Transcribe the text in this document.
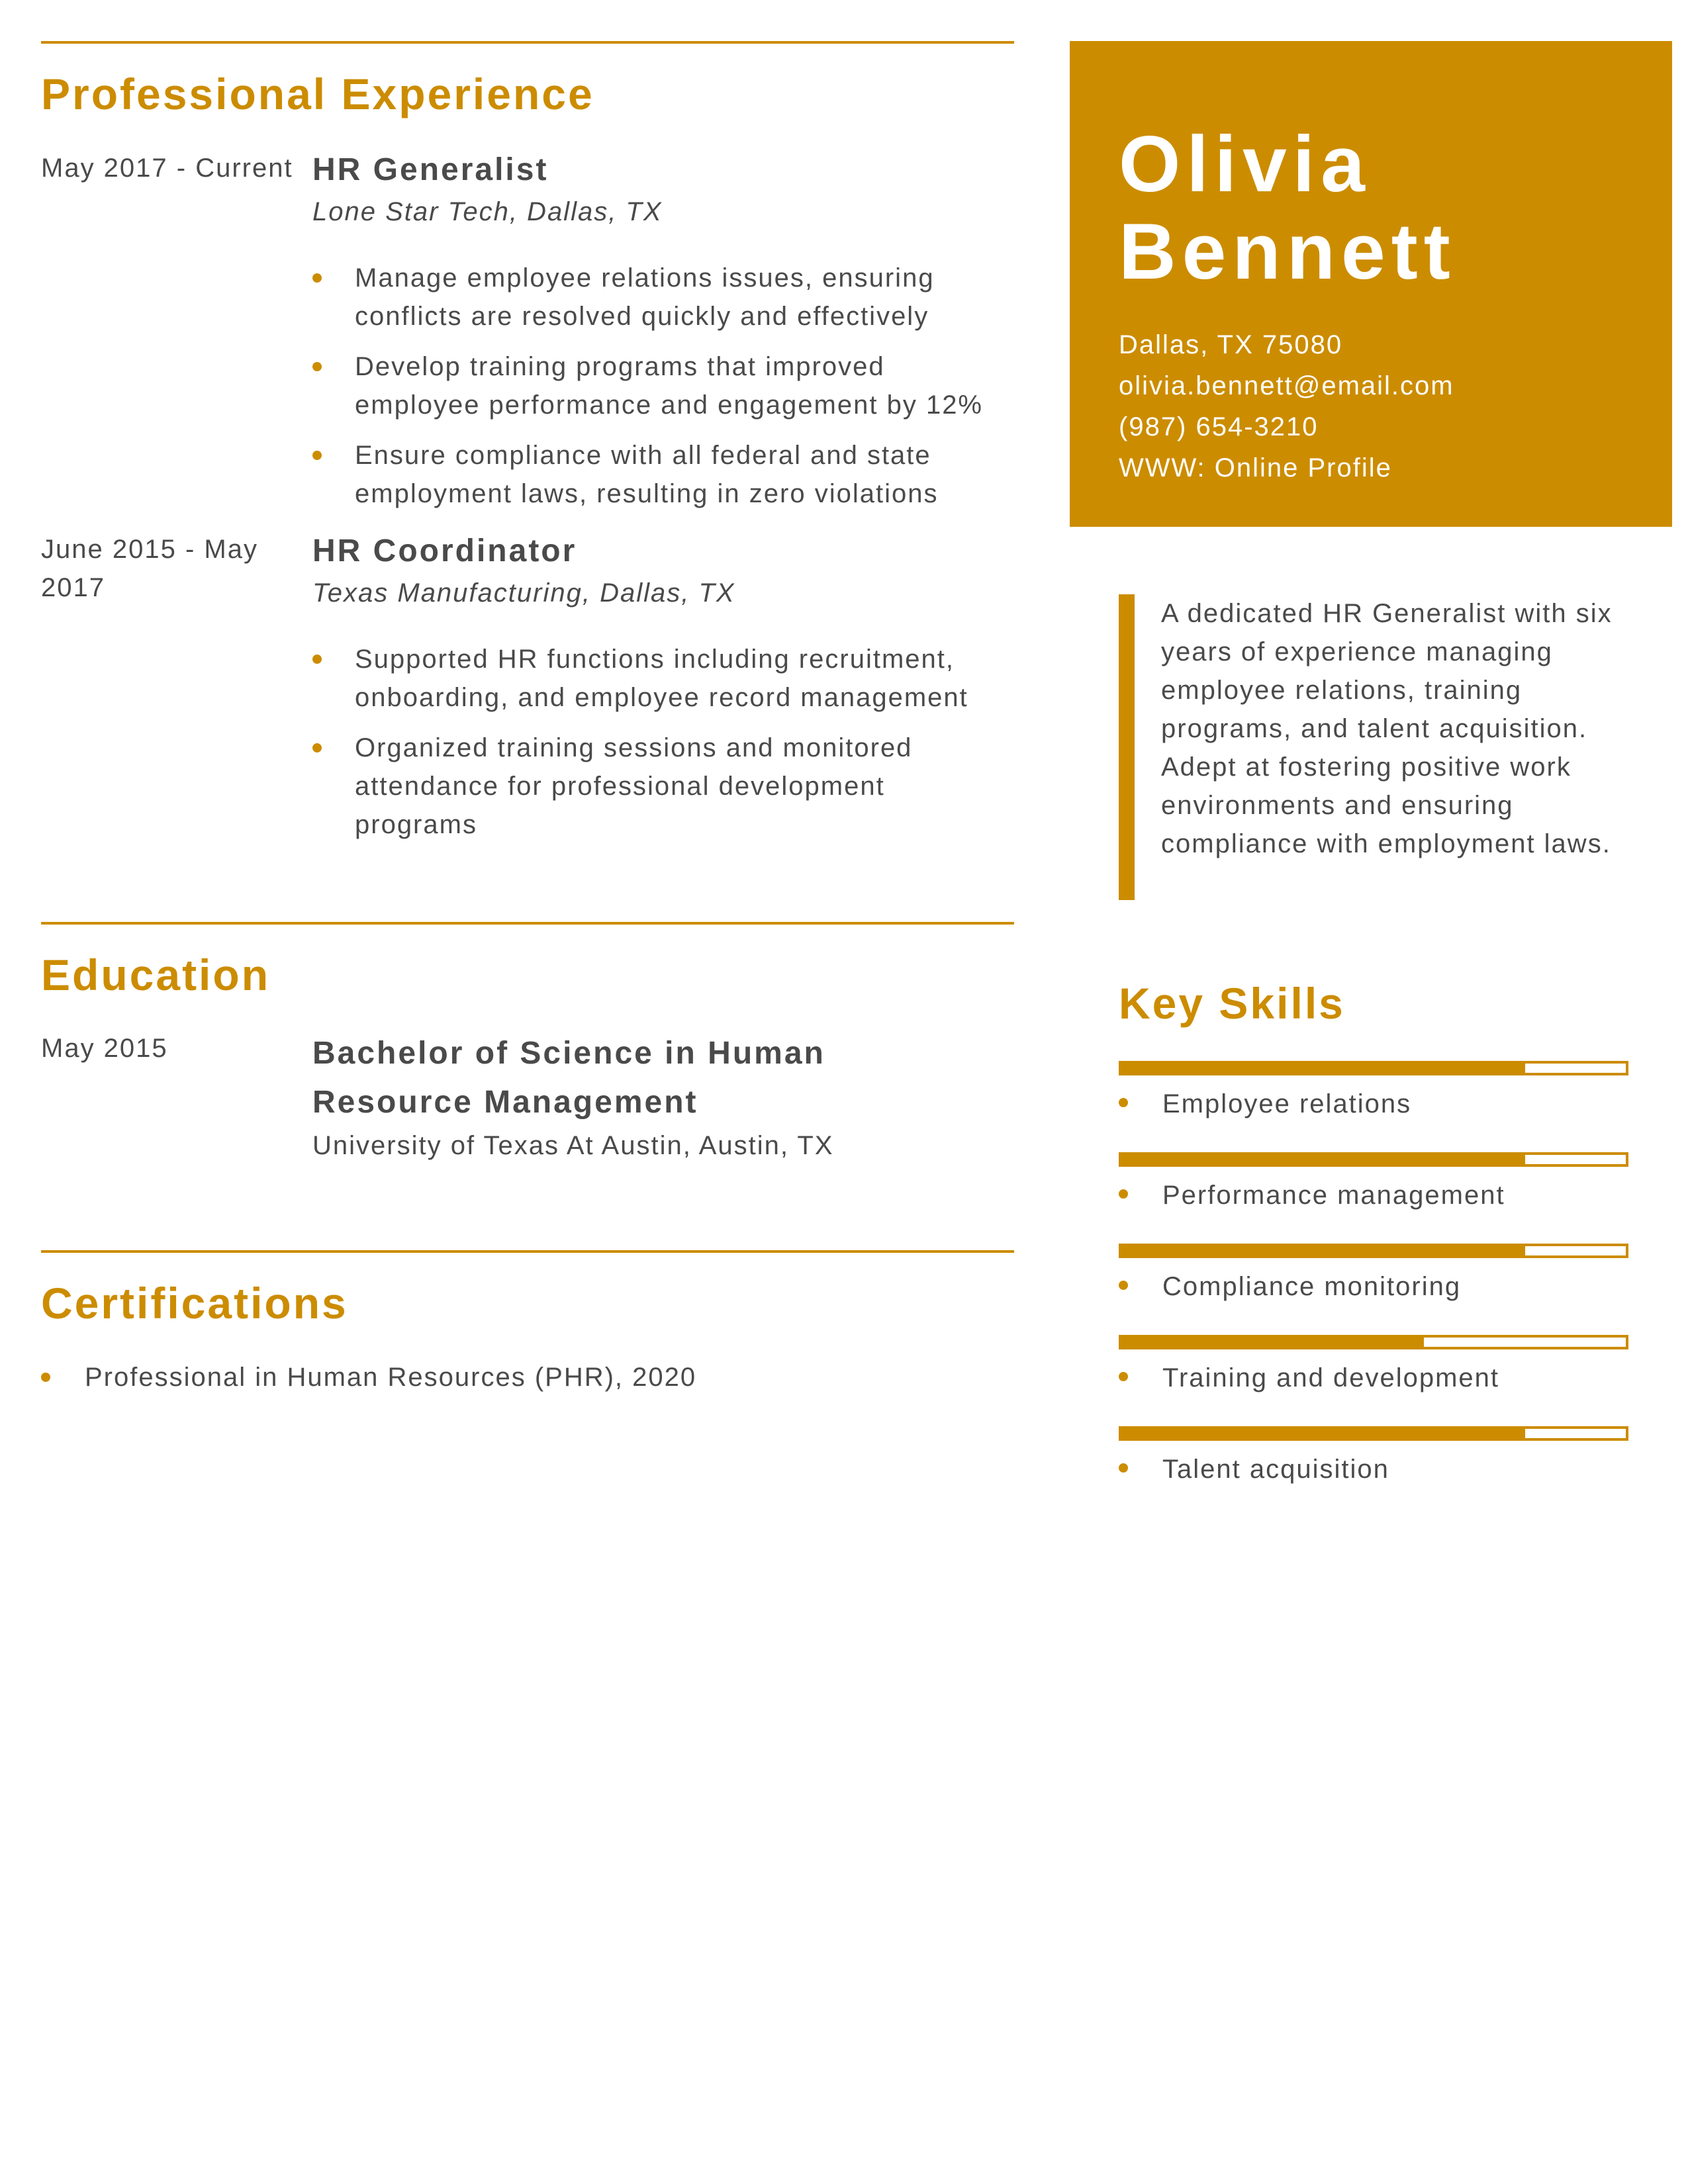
Professional Experience
May 2017 - Current HR Generalist
Lone Star Tech, Dallas, TX
Manage employee relations issues, ensuring conflicts are resolved quickly and effectively
Develop training programs that improved employee performance and engagement by 12%
Ensure compliance with all federal and state employment laws, resulting in zero violations
June 2015 - May 2017
HR Coordinator
Texas Manufacturing, Dallas, TX
Supported HR functions including recruitment, onboarding, and employee record management
Organized training sessions and monitored attendance for professional development programs
Education
May 2015	Bachelor of Science in Human Resource Management
University of Texas At Austin, Austin, TX
Certifications
Professional in Human Resources (PHR), 2020
Olivia
Bennett
Dallas, TX 75080
olivia.bennett@email.com
(987) 654-3210
WWW: Online Profile
A dedicated HR Generalist with six years of experience managing employee relations, training programs, and talent acquisition. Adept at fostering positive work environments and ensuring compliance with employment laws.
Key Skills
Employee relations
Performance management
Compliance monitoring
Training and development
Talent acquisition
